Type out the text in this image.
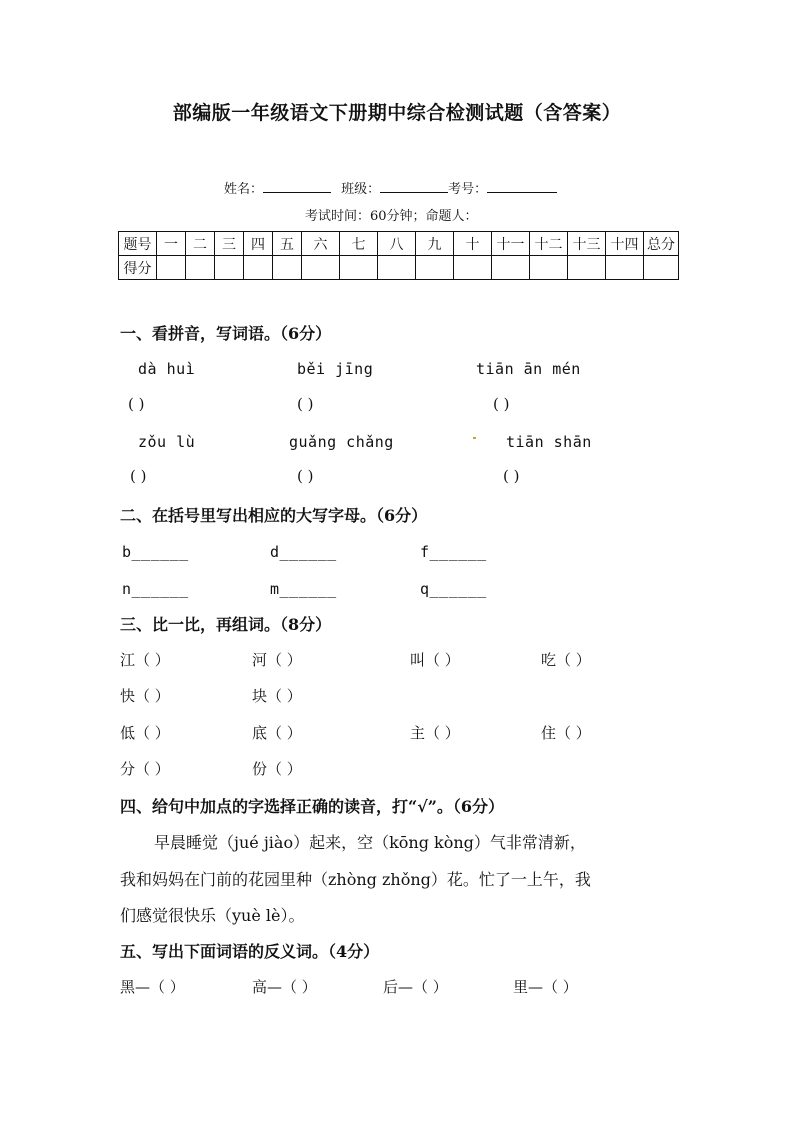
部编版一年级语文下册期中综合检测试题（含答案）
姓名：	班级：	考号：
考试时间：60分钟；命题人：
题号	一	二	三	四	五	六	七	八	九	十	十一	十二	十三	十四	总分
得分															
一、看拼音，写词语。（6分）
dà huì	běi jīng	tiān ān mén
( )	( )	( )
zǒu lù	guǎng chǎng	tiān shān
( )	( )	( )
二、在括号里写出相应的大写字母。（6分）
b______	d______	f______
n______	m______	q______
三、比一比，再组词。（8分）
江（ ）	河（ ）	叫（ ）	吃（ ）
快（ ）	块（ ）
低（ ）	底（ ）	主（ ）	住（ ）
分（ ）	份（ ）
四、给句中加点的字选择正确的读音，打“√”。（6分）
早晨睡觉（jué jiào）起来，空（kōng kòng）气非常清新，
我和妈妈在门前的花园里种（zhòng zhǒng）花。忙了一上午，我
们感觉很快乐（yuè lè）。
五、写出下面词语的反义词。（4分）
黑—（ ）	高—（ ）	后—（ ）	里—（ ）
